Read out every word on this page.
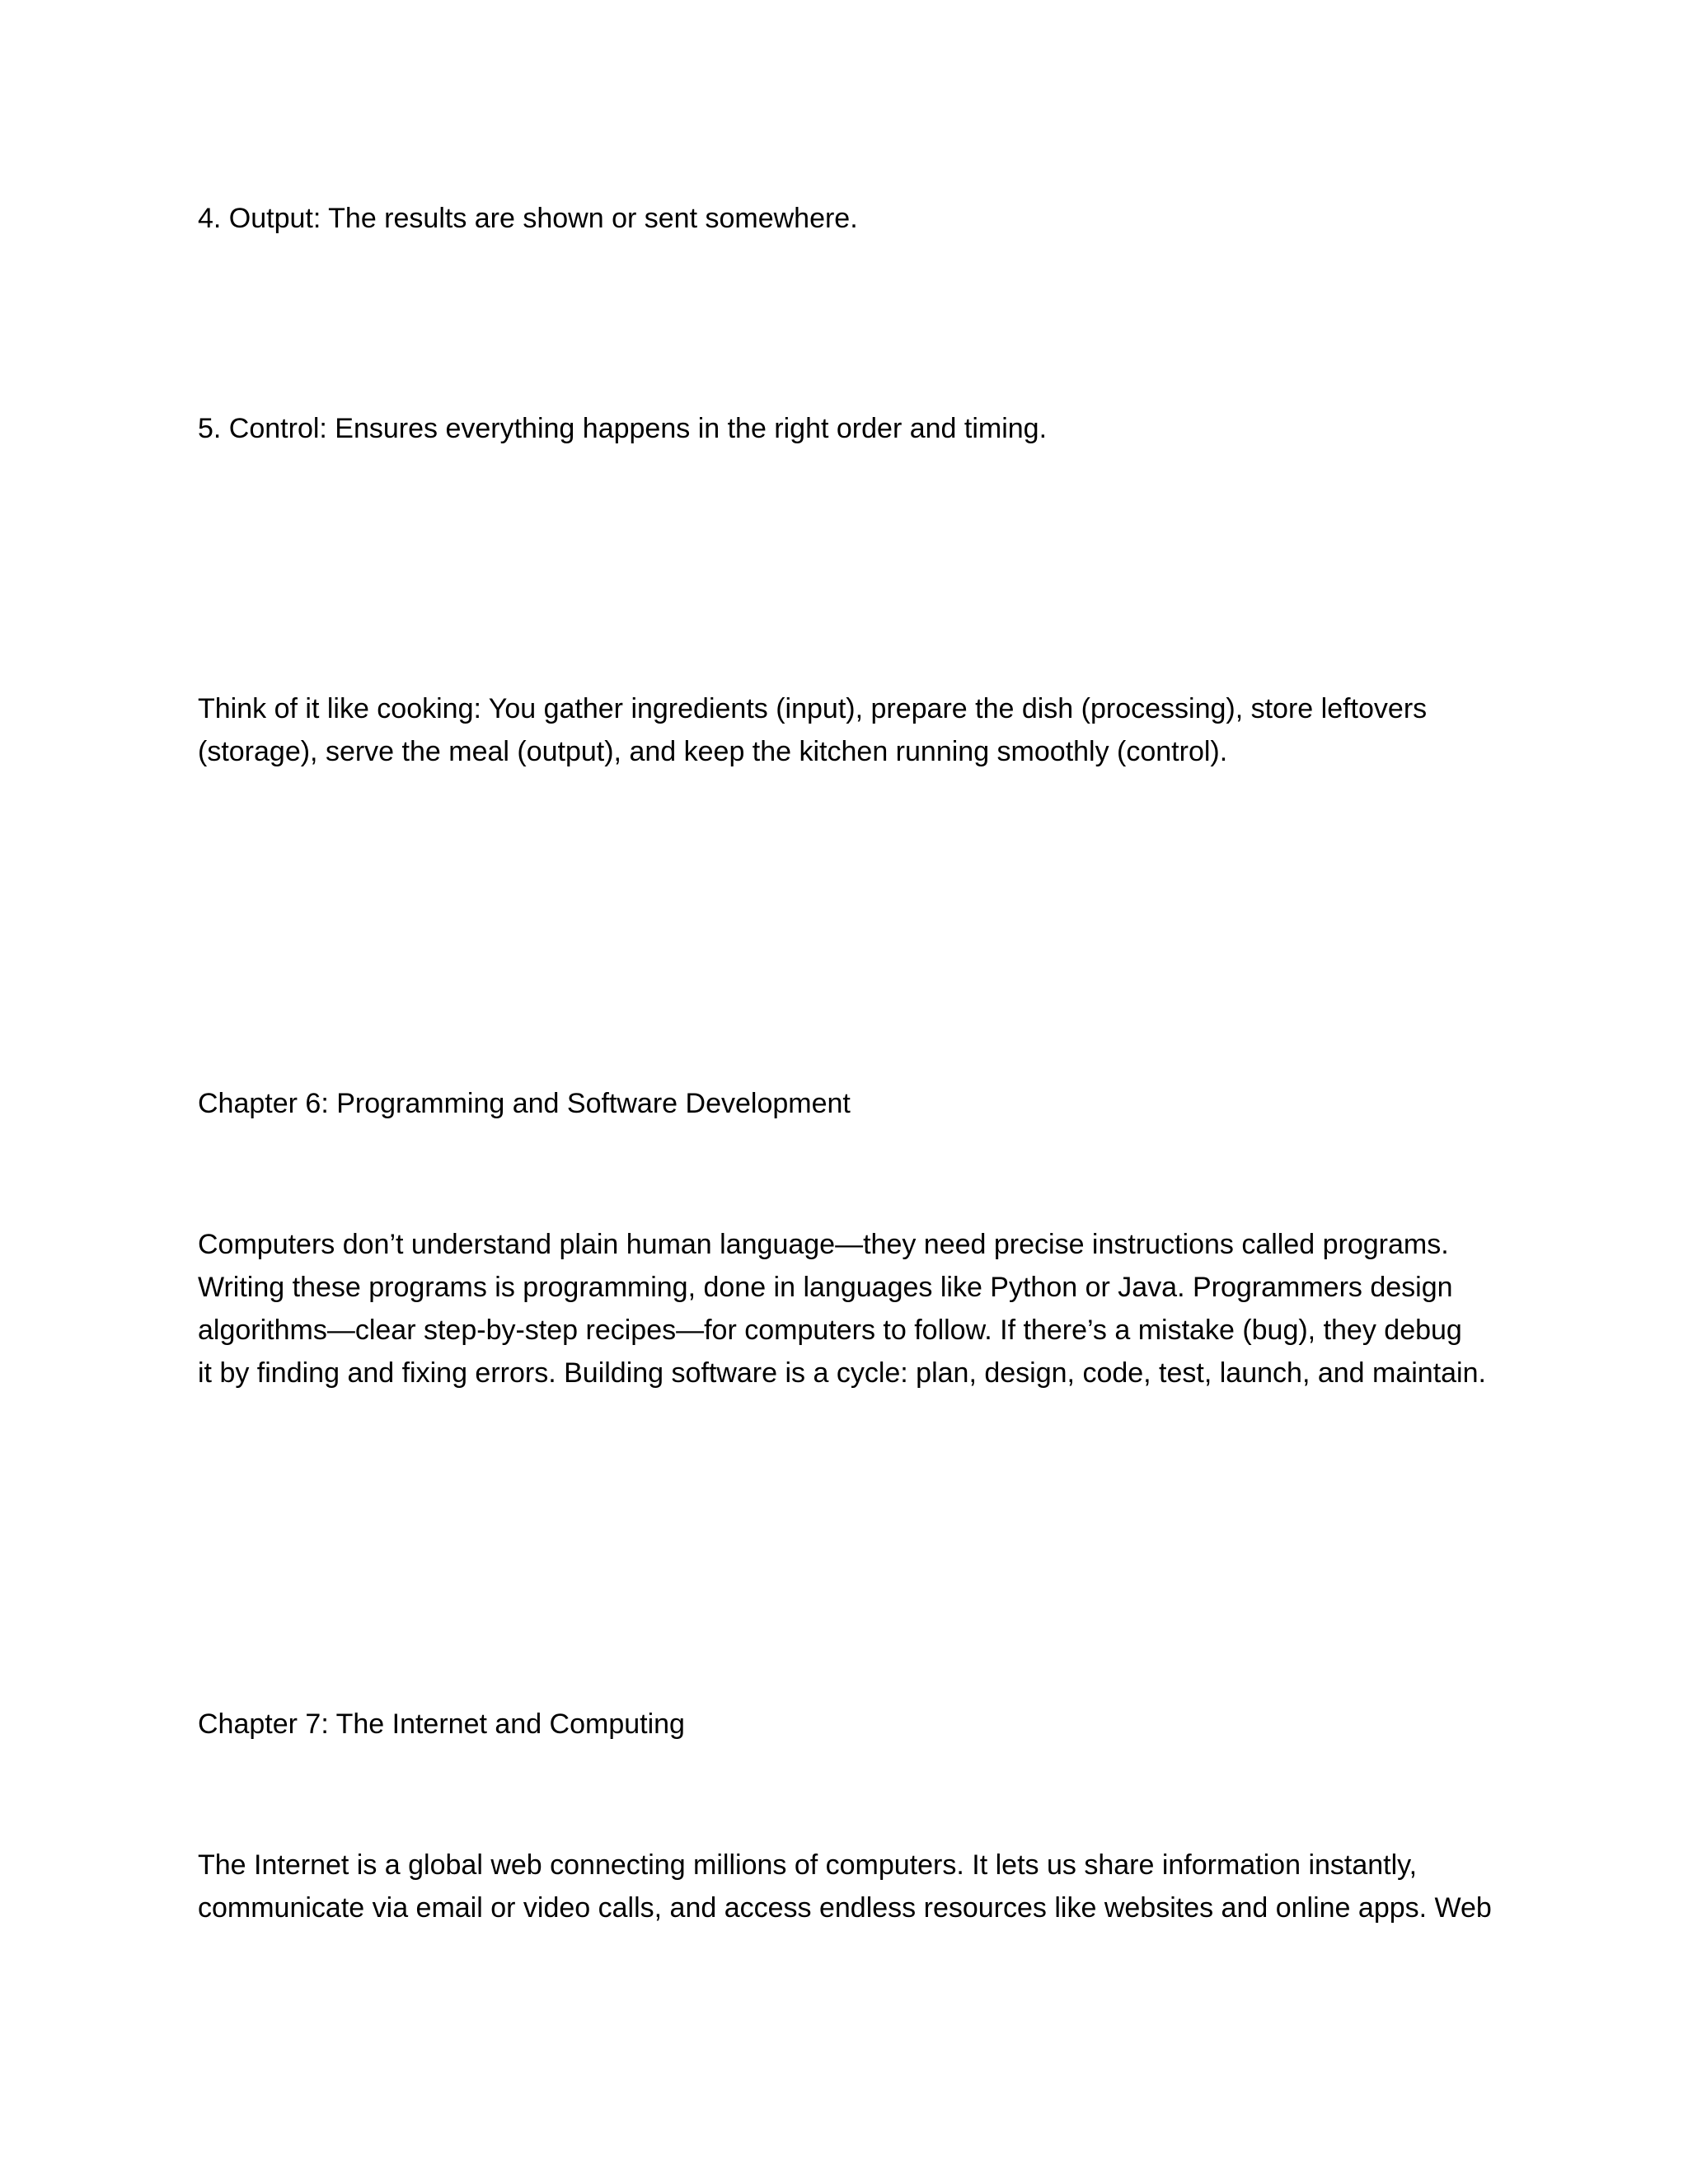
4. Output: The results are shown or sent somewhere.

5. Control: Ensures everything happens in the right order and timing.

Think of it like cooking: You gather ingredients (input), prepare the dish (processing), store leftovers
(storage), serve the meal (output), and keep the kitchen running smoothly (control).

Chapter 6: Programming and Software Development

Computers don’t understand plain human language—they need precise instructions called programs.
Writing these programs is programming, done in languages like Python or Java. Programmers design
algorithms—clear step-by-step recipes—for computers to follow. If there’s a mistake (bug), they debug
it by finding and fixing errors. Building software is a cycle: plan, design, code, test, launch, and maintain.

Chapter 7: The Internet and Computing

The Internet is a global web connecting millions of computers. It lets us share information instantly,
communicate via email or video calls, and access endless resources like websites and online apps. Web
